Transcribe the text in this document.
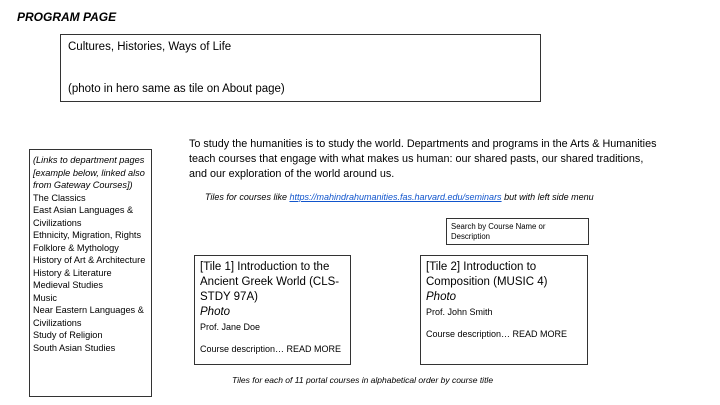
PROGRAM PAGE
Cultures, Histories, Ways of Life
(photo in hero same as tile on About page)
To study the humanities is to study the world. Departments and programs in the Arts & Humanities teach courses that engage with what makes us human: our shared pasts, our shared traditions, and our exploration of the world around us.
(Links to department pages [example below, linked also from Gateway Courses])
The Classics
East Asian Languages & Civilizations
Ethnicity, Migration, Rights
Folklore & Mythology
History of Art & Architecture
History & Literature
Medieval Studies
Music
Near Eastern Languages & Civilizations
Study of Religion
South Asian Studies
Tiles for courses like https://mahindrahumanities.fas.harvard.edu/seminars but with left side menu
Search by Course Name or Description
[Tile 1] Introduction to the Ancient Greek World (CLS-STDY 97A)
Photo
Prof. Jane Doe
Course description… READ MORE
[Tile 2] Introduction to Composition (MUSIC 4)
Photo
Prof. John Smith
Course description… READ MORE
Tiles for each of 11 portal courses in alphabetical order by course title
